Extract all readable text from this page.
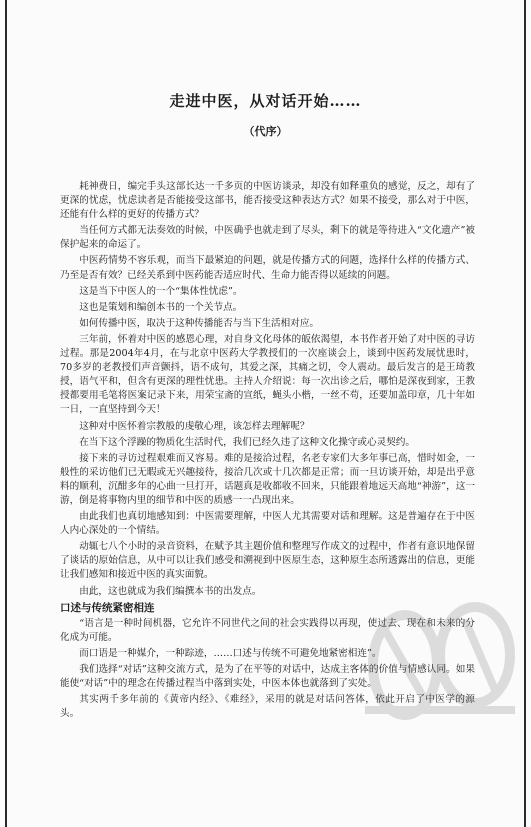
走进中医，从对话开始……
（代序）

耗神费日，编完手头这部长达一千多页的中医访谈录，却没有如释重负的感觉，反之，却有了更深的忧虑，忧虑读者是否能接受这部书，能否接受这种表达方式？如果不接受，那么对于中医，还能有什么样的更好的传播方式？

当任何方式都无法奏效的时候，中医确乎也就走到了尽头，剩下的就是等待进入“文化遗产”被保护起来的命运了。

中医药情势不容乐观，而当下最紧迫的问题，就是传播方式的问题，选择什么样的传播方式、乃至是否有效？已经关系到中医药能否适应时代、生命力能否得以延续的问题。

这是当下中医人的一个“集体性忧虑”。

这也是策划和编创本书的一个关节点。

如何传播中医，取决于这种传播能否与当下生活相对应。

三年前，怀着对中医的感恩心理，对自身文化母体的皈依渴望，本书作者开始了对中医的寻访过程。那是2004年4月，在与北京中医药大学教授们的一次座谈会上，谈到中医药发展忧患时，70多岁的老教授们声音颤抖，语不成句，其爱之深，其痛之切，令人震动。最后发言的是王琦教授，语气平和，但含有更深的理性忧患。主持人介绍说：每一次出诊之后，哪怕是深夜到家，王教授都要用毛笔将医案记录下来，用荣宝斋的宣纸，蝇头小楷，一丝不苟，还要加盖印章，几十年如一日，一直坚持到今天！

这种对中医怀着宗教般的虔敬心理，该怎样去理解呢？

在当下这个浮躁的物质化生活时代，我们已经久违了这种文化操守或心灵契约。

接下来的寻访过程艰难而又容易。难的是接洽过程，名老专家们大多年事已高，惜时如金，一般性的采访他们已无暇或无兴趣接待，接洽几次或十几次都是正常；而一旦访谈开始，却是出乎意料的顺利，沉酣多年的心曲一旦打开，话题真是收都收不回来，只能跟着地远天高地“神游”，这一游，倒是将事物内里的细节和中医的质感一一凸现出来。

由此我们也真切地感知到：中医需要理解，中医人尤其需要对话和理解。这是普遍存在于中医人内心深处的一个情结。

动辄七八个小时的录音资料，在赋予其主题价值和整理写作成文的过程中，作者有意识地保留了谈话的原始信息，从中可以让我们感受和溯视到中医原生态，这种原生态所透露出的信息，更能让我们感知和接近中医的真实面貌。

由此，这也就成为我们编撰本书的出发点。

口述与传统紧密相连

“语言是一种时间机器，它允许不同世代之间的社会实践得以再现，使过去、现在和未来的分化成为可能。

而口语是一种媒介，一种踪迹，……口述与传统不可避免地紧密相连”。

我们选择“对话”这种交流方式，是为了在平等的对话中，达成主客体的价值与情感认同。如果能使“对话”中的理念在传播过程当中落到实处，中医本体也就落到了实处。

其实两千多年前的《黄帝内经》、《难经》，采用的就是对话问答体，依此开启了中医学的源头。
